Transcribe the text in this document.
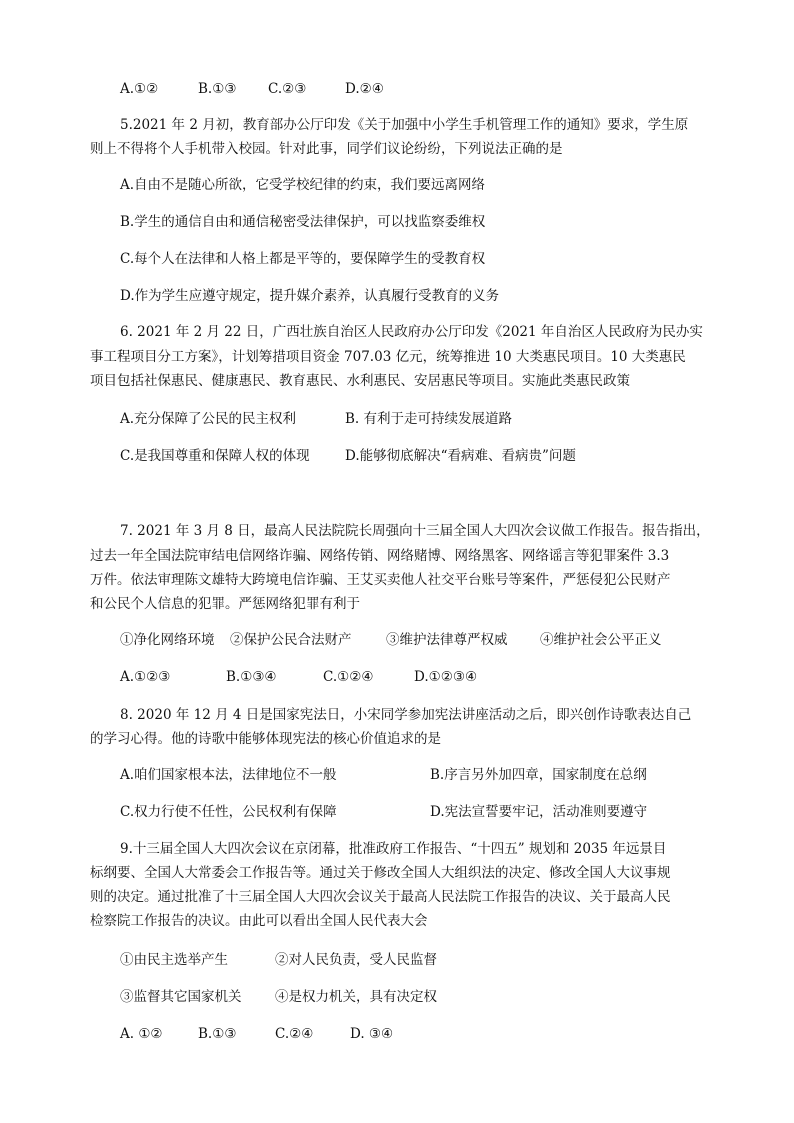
A.①②	B.①③ C.②③	D.②④
5.2021 年 2 月初，教育部办公厅印发《关于加强中小学生手机管理工作的通知》要求，学生原
则上不得将个人手机带入校园。针对此事，同学们议论纷纷，下列说法正确的是
A.自由不是随心所欲，它受学校纪律的约束，我们要远离网络
B.学生的通信自由和通信秘密受法律保护，可以找监察委维权
C.每个人在法律和人格上都是平等的，要保障学生的受教育权
D.作为学生应遵守规定，提升媒介素养，认真履行受教育的义务
6. 2021 年 2 月 22 日，广西壮族自治区人民政府办公厅印发《2021 年自治区人民政府为民办实
事工程项目分工方案》，计划筹措项目资金 707.03 亿元，统筹推进 10 大类惠民项目。10 大类惠民
项目包括社保惠民、健康惠民、教育惠民、水利惠民、安居惠民等项目。实施此类惠民政策
A.充分保障了公民的民主权利	B. 有利于走可持续发展道路
C.是我国尊重和保障人权的体现	D.能够彻底解决“看病难、看病贵”问题
7. 2021 年 3 月 8 日，最高人民法院院长周强向十三届全国人大四次会议做工作报告。报告指出，
过去一年全国法院审结电信网络诈骗、网络传销、网络赌博、网络黑客、网络谣言等犯罪案件 3.3
万件。依法审理陈文雄特大跨境电信诈骗、王艾买卖他人社交平台账号等案件，严惩侵犯公民财产
和公民个人信息的犯罪。严惩网络犯罪有利于
①净化网络环境 ②保护公民合法财产	③维护法律尊严权威 ④维护社会公平正义
A.①②③	B.①③④	C.①②④	D.①②③④
8. 2020 年 12 月 4 日是国家宪法日，小宋同学参加宪法讲座活动之后，即兴创作诗歌表达自己
的学习心得。他的诗歌中能够体现宪法的核心价值追求的是
A.咱们国家根本法，法律地位不一般	B.序言另外加四章，国家制度在总纲
C.权力行使不任性，公民权利有保障	D.宪法宣誓要牢记，活动准则要遵守
9.十三届全国人大四次会议在京闭幕，批准政府工作报告、“十四五” 规划和 2035 年远景目
标纲要、全国人大常委会工作报告等。通过关于修改全国人大组织法的决定、修改全国人大议事规
则的决定。通过批准了十三届全国人大四次会议关于最高人民法院工作报告的决议、关于最高人民
检察院工作报告的决议。由此可以看出全国人民代表大会
①由民主选举产生	②对人民负责，受人民监督
③监督其它国家机关 ④是权力机关，具有决定权
A. ①②	B.①③	C.②④	D. ③④
